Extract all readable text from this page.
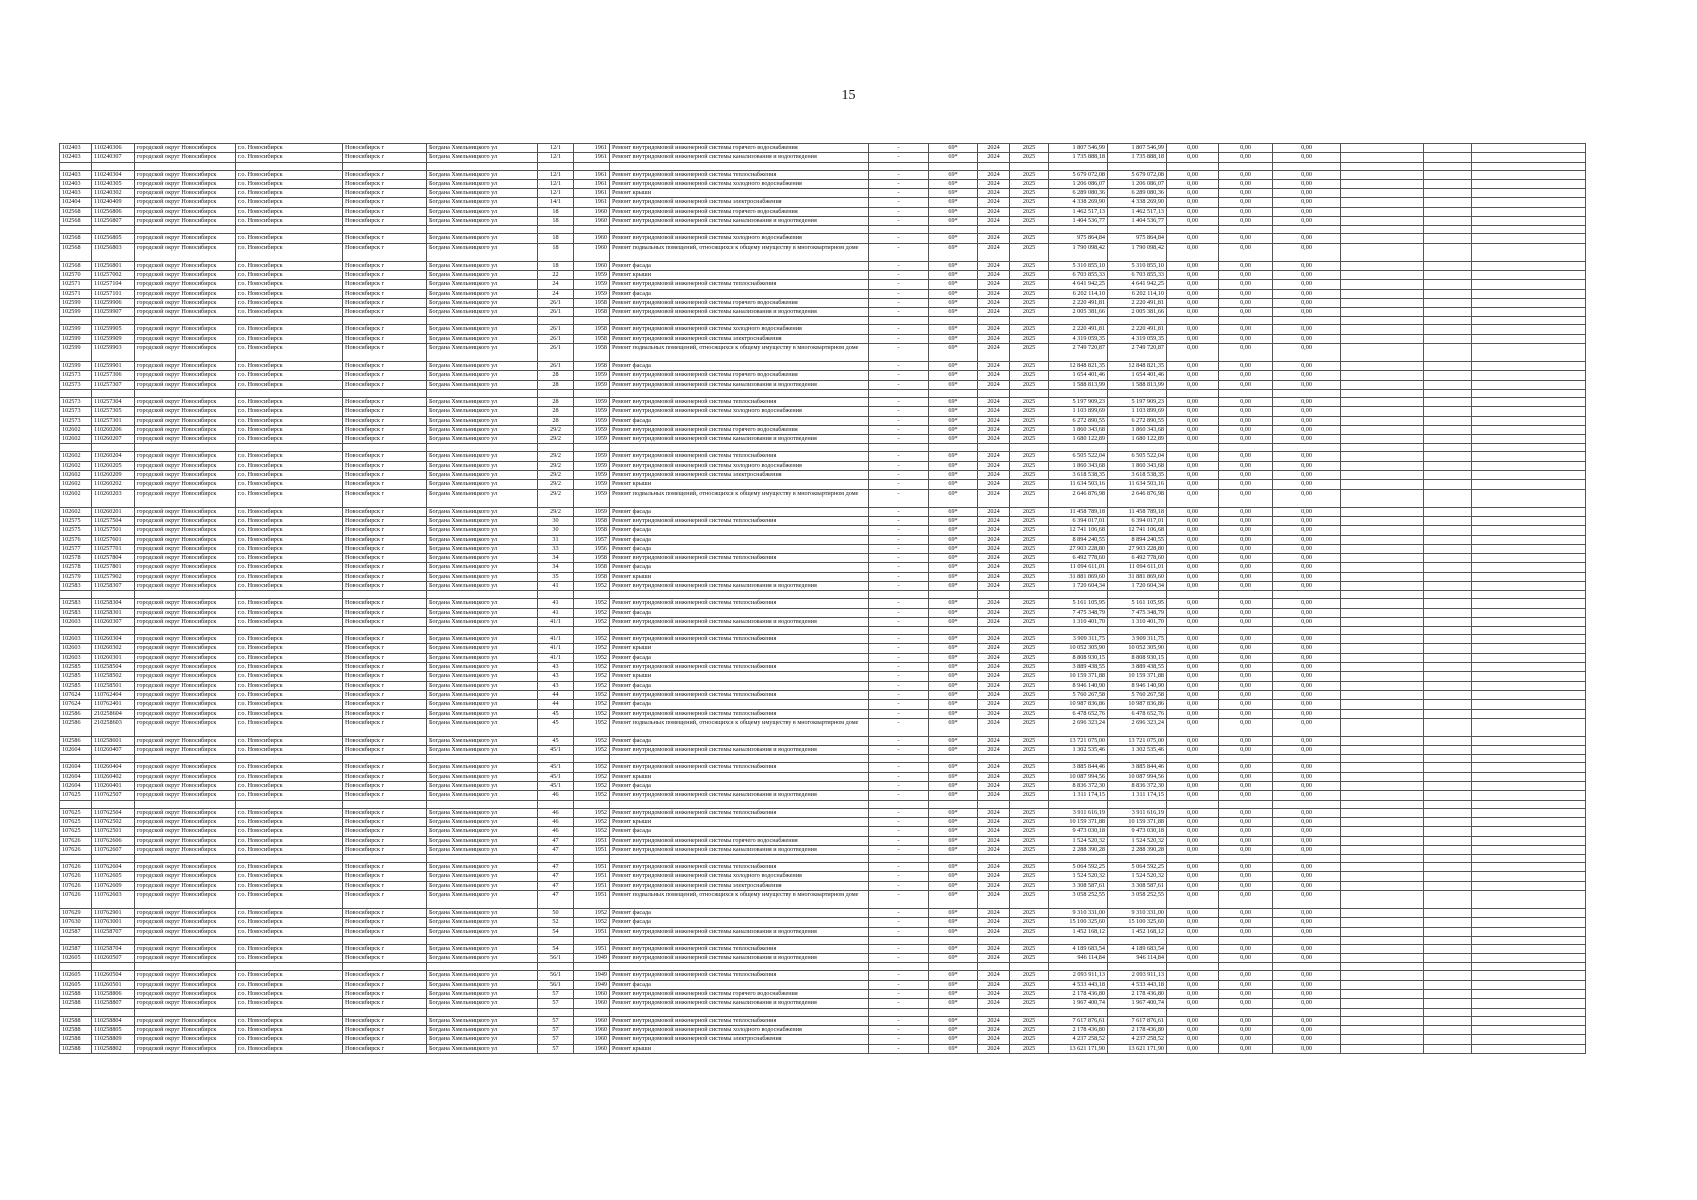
15
102403	110240306	городской округ Новосибирск	г.о. Новосибирск	Новосибирск г	Богдана Хмельницкого ул	12/1	1961	Ремонт внутридомовой инженерной системы горячего водоснабжения	-	69*	2024	2025	1 807 546,99	1 807 546,99	0,00	0,00	0,00			
102403	110240307	городской округ Новосибирск	г.о. Новосибирск	Новосибирск г	Богдана Хмельницкого ул	12/1	1961	Ремонт внутридомовой инженерной системы канализования и водоотведения	-	69*	2024	2025	1 735 888,18	1 735 888,18	0,00	0,00	0,00			

102403	110240304	городской округ Новосибирск	г.о. Новосибирск	Новосибирск г	Богдана Хмельницкого ул	12/1	1961	Ремонт внутридомовой инженерной системы теплоснабжения	-	69*	2024	2025	5 679 072,08	5 679 072,08	0,00	0,00	0,00			
102403	110240305	городской округ Новосибирск	г.о. Новосибирск	Новосибирск г	Богдана Хмельницкого ул	12/1	1961	Ремонт внутридомовой инженерной системы холодного водоснабжения	-	69*	2024	2025	1 206 086,07	1 206 086,07	0,00	0,00	0,00			
102403	110240302	городской округ Новосибирск	г.о. Новосибирск	Новосибирск г	Богдана Хмельницкого ул	12/1	1961	Ремонт крыши	-	69*	2024	2025	6 289 080,36	6 289 080,36	0,00	0,00	0,00			
102404	110240409	городской округ Новосибирск	г.о. Новосибирск	Новосибирск г	Богдана Хмельницкого ул	14/1	1961	Ремонт внутридомовой инженерной системы электроснабжения	-	69*	2024	2025	4 338 269,90	4 338 269,90	0,00	0,00	0,00			
102568	110256806	городской округ Новосибирск	г.о. Новосибирск	Новосибирск г	Богдана Хмельницкого ул	18	1960	Ремонт внутридомовой инженерной системы горячего водоснабжения	-	69*	2024	2025	1 462 517,13	1 462 517,13	0,00	0,00	0,00			
102568	110256807	городской округ Новосибирск	г.о. Новосибирск	Новосибирск г	Богдана Хмельницкого ул	18	1960	Ремонт внутридомовой инженерной системы канализования и водоотведения	-	69*	2024	2025	1 404 536,77	1 404 536,77	0,00	0,00	0,00			

102568	110256805	городской округ Новосибирск	г.о. Новосибирск	Новосибирск г	Богдана Хмельницкого ул	18	1960	Ремонт внутридомовой инженерной системы холодного водоснабжения	-	69*	2024	2025	975 864,84	975 864,84	0,00	0,00	0,00			
102568	110256803	городской округ Новосибирск	г.о. Новосибирск	Новосибирск г	Богдана Хмельницкого ул	18	1960	Ремонт подвальных помещений, относящихся к общему имуществу в многоквартирном доме	-	69*	2024	2025	1 790 098,42	1 790 098,42	0,00	0,00	0,00			
102568	110256801	городской округ Новосибирск	г.о. Новосибирск	Новосибирск г	Богдана Хмельницкого ул	18	1960	Ремонт фасада	-	69*	2024	2025	5 310 855,10	5 310 855,10	0,00	0,00	0,00			
102570	110257002	городской округ Новосибирск	г.о. Новосибирск	Новосибирск г	Богдана Хмельницкого ул	22	1959	Ремонт крыши	-	69*	2024	2025	6 703 855,33	6 703 855,33	0,00	0,00	0,00			
102571	110257104	городской округ Новосибирск	г.о. Новосибирск	Новосибирск г	Богдана Хмельницкого ул	24	1959	Ремонт внутридомовой инженерной системы теплоснабжения	-	69*	2024	2025	4 641 942,25	4 641 942,25	0,00	0,00	0,00			
102571	110257101	городской округ Новосибирск	г.о. Новосибирск	Новосибирск г	Богдана Хмельницкого ул	24	1959	Ремонт фасада	-	69*	2024	2025	6 202 114,10	6 202 114,10	0,00	0,00	0,00			
102599	110259906	городской округ Новосибирск	г.о. Новосибирск	Новосибирск г	Богдана Хмельницкого ул	26/1	1958	Ремонт внутридомовой инженерной системы горячего водоснабжения	-	69*	2024	2025	2 220 491,81	2 220 491,81	0,00	0,00	0,00			
102599	110259907	городской округ Новосибирск	г.о. Новосибирск	Новосибирск г	Богдана Хмельницкого ул	26/1	1958	Ремонт внутридомовой инженерной системы канализования и водоотведения	-	69*	2024	2025	2 005 381,66	2 005 381,66	0,00	0,00	0,00			

102599	110259905	городской округ Новосибирск	г.о. Новосибирск	Новосибирск г	Богдана Хмельницкого ул	26/1	1958	Ремонт внутридомовой инженерной системы холодного водоснабжения	-	69*	2024	2025	2 220 491,81	2 220 491,81	0,00	0,00	0,00			
102599	110259909	городской округ Новосибирск	г.о. Новосибирск	Новосибирск г	Богдана Хмельницкого ул	26/1	1958	Ремонт внутридомовой инженерной системы электроснабжения	-	69*	2024	2025	4 319 059,35	4 319 059,35	0,00	0,00	0,00			
102599	110259903	городской округ Новосибирск	г.о. Новосибирск	Новосибирск г	Богдана Хмельницкого ул	26/1	1958	Ремонт подвальных помещений, относящихся к общему имуществу в многоквартирном доме	-	69*	2024	2025	2 749 720,87	2 749 720,87	0,00	0,00	0,00			
102599	110259901	городской округ Новосибирск	г.о. Новосибирск	Новосибирск г	Богдана Хмельницкого ул	26/1	1958	Ремонт фасада	-	69*	2024	2025	12 848 821,35	12 848 821,35	0,00	0,00	0,00			
102573	110257306	городской округ Новосибирск	г.о. Новосибирск	Новосибирск г	Богдана Хмельницкого ул	28	1959	Ремонт внутридомовой инженерной системы горячего водоснабжения	-	69*	2024	2025	1 654 401,46	1 654 401,46	0,00	0,00	0,00			
102573	110257307	городской округ Новосибирск	г.о. Новосибирск	Новосибирск г	Богдана Хмельницкого ул	28	1959	Ремонт внутридомовой инженерной системы канализования и водоотведения	-	69*	2024	2025	1 588 813,99	1 588 813,99	0,00	0,00	0,00			

102573	110257304	городской округ Новосибирск	г.о. Новосибирск	Новосибирск г	Богдана Хмельницкого ул	28	1959	Ремонт внутридомовой инженерной системы теплоснабжения	-	69*	2024	2025	5 197 909,23	5 197 909,23	0,00	0,00	0,00			
102573	110257305	городской округ Новосибирск	г.о. Новосибирск	Новосибирск г	Богдана Хмельницкого ул	28	1959	Ремонт внутридомовой инженерной системы холодного водоснабжения	-	69*	2024	2025	1 103 899,69	1 103 899,69	0,00	0,00	0,00			
102573	110257301	городской округ Новосибирск	г.о. Новосибирск	Новосибирск г	Богдана Хмельницкого ул	28	1959	Ремонт фасада	-	69*	2024	2025	6 272 890,55	6 272 890,55	0,00	0,00	0,00			
102602	110260206	городской округ Новосибирск	г.о. Новосибирск	Новосибирск г	Богдана Хмельницкого ул	29/2	1959	Ремонт внутридомовой инженерной системы горячего водоснабжения	-	69*	2024	2025	1 860 343,68	1 860 343,68	0,00	0,00	0,00			
102602	110260207	городской округ Новосибирск	г.о. Новосибирск	Новосибирск г	Богдана Хмельницкого ул	29/2	1959	Ремонт внутридомовой инженерной системы канализования и водоотведения	-	69*	2024	2025	1 680 122,89	1 680 122,89	0,00	0,00	0,00			

102602	110260204	городской округ Новосибирск	г.о. Новосибирск	Новосибирск г	Богдана Хмельницкого ул	29/2	1959	Ремонт внутридомовой инженерной системы теплоснабжения	-	69*	2024	2025	6 505 522,04	6 505 522,04	0,00	0,00	0,00			
102602	110260205	городской округ Новосибирск	г.о. Новосибирск	Новосибирск г	Богдана Хмельницкого ул	29/2	1959	Ремонт внутридомовой инженерной системы холодного водоснабжения	-	69*	2024	2025	1 860 343,68	1 860 343,68	0,00	0,00	0,00			
102602	110260209	городской округ Новосибирск	г.о. Новосибирск	Новосибирск г	Богдана Хмельницкого ул	29/2	1959	Ремонт внутридомовой инженерной системы электроснабжения	-	69*	2024	2025	3 618 538,35	3 618 538,35	0,00	0,00	0,00			
102602	110260202	городской округ Новосибирск	г.о. Новосибирск	Новосибирск г	Богдана Хмельницкого ул	29/2	1959	Ремонт крыши	-	69*	2024	2025	11 634 503,16	11 634 503,16	0,00	0,00	0,00			
102602	110260203	городской округ Новосибирск	г.о. Новосибирск	Новосибирск г	Богдана Хмельницкого ул	29/2	1959	Ремонт подвальных помещений, относящихся к общему имуществу в многоквартирном доме	-	69*	2024	2025	2 646 876,98	2 646 876,98	0,00	0,00	0,00			
102602	110260201	городской округ Новосибирск	г.о. Новосибирск	Новосибирск г	Богдана Хмельницкого ул	29/2	1959	Ремонт фасада	-	69*	2024	2025	11 458 789,18	11 458 789,18	0,00	0,00	0,00			
102575	110257504	городской округ Новосибирск	г.о. Новосибирск	Новосибирск г	Богдана Хмельницкого ул	30	1958	Ремонт внутридомовой инженерной системы теплоснабжения	-	69*	2024	2025	6 394 017,01	6 394 017,01	0,00	0,00	0,00			
102575	110257501	городской округ Новосибирск	г.о. Новосибирск	Новосибирск г	Богдана Хмельницкого ул	30	1958	Ремонт фасада	-	69*	2024	2025	12 741 106,68	12 741 106,68	0,00	0,00	0,00			
102576	110257601	городской округ Новосибирск	г.о. Новосибирск	Новосибирск г	Богдана Хмельницкого ул	31	1957	Ремонт фасада	-	69*	2024	2025	8 894 240,55	8 894 240,55	0,00	0,00	0,00			
102577	110257701	городской округ Новосибирск	г.о. Новосибирск	Новосибирск г	Богдана Хмельницкого ул	33	1956	Ремонт фасада	-	69*	2024	2025	27 903 228,80	27 903 228,80	0,00	0,00	0,00			
102578	110257804	городской округ Новосибирск	г.о. Новосибирск	Новосибирск г	Богдана Хмельницкого ул	34	1958	Ремонт внутридомовой инженерной системы теплоснабжения	-	69*	2024	2025	6 492 778,60	6 492 778,60	0,00	0,00	0,00			
102578	110257801	городской округ Новосибирск	г.о. Новосибирск	Новосибирск г	Богдана Хмельницкого ул	34	1958	Ремонт фасада	-	69*	2024	2025	11 094 611,01	11 094 611,01	0,00	0,00	0,00			
102579	110257902	городской округ Новосибирск	г.о. Новосибирск	Новосибирск г	Богдана Хмельницкого ул	35	1958	Ремонт крыши	-	69*	2024	2025	31 881 869,60	31 881 869,60	0,00	0,00	0,00			
102583	110258307	городской округ Новосибирск	г.о. Новосибирск	Новосибирск г	Богдана Хмельницкого ул	41	1952	Ремонт внутридомовой инженерной системы канализования и водоотведения	-	69*	2024	2025	1 720 604,34	1 720 604,34	0,00	0,00	0,00			

102583	110258304	городской округ Новосибирск	г.о. Новосибирск	Новосибирск г	Богдана Хмельницкого ул	41	1952	Ремонт внутридомовой инженерной системы теплоснабжения	-	69*	2024	2025	5 161 105,95	5 161 105,95	0,00	0,00	0,00			
102583	110258301	городской округ Новосибирск	г.о. Новосибирск	Новосибирск г	Богдана Хмельницкого ул	41	1952	Ремонт фасада	-	69*	2024	2025	7 475 348,79	7 475 348,79	0,00	0,00	0,00			
102603	110260307	городской округ Новосибирск	г.о. Новосибирск	Новосибирск г	Богдана Хмельницкого ул	41/1	1952	Ремонт внутридомовой инженерной системы канализования и водоотведения	-	69*	2024	2025	1 310 401,70	1 310 401,70	0,00	0,00	0,00			

102603	110260304	городской округ Новосибирск	г.о. Новосибирск	Новосибирск г	Богдана Хмельницкого ул	41/1	1952	Ремонт внутридомовой инженерной системы теплоснабжения	-	69*	2024	2025	3 909 311,75	3 909 311,75	0,00	0,00	0,00			
102603	110260302	городской округ Новосибирск	г.о. Новосибирск	Новосибирск г	Богдана Хмельницкого ул	41/1	1952	Ремонт крыши	-	69*	2024	2025	10 052 305,90	10 052 305,90	0,00	0,00	0,00			
102603	110260301	городской округ Новосибирск	г.о. Новосибирск	Новосибирск г	Богдана Хмельницкого ул	41/1	1952	Ремонт фасада	-	69*	2024	2025	8 808 930,15	8 808 930,15	0,00	0,00	0,00			
102585	110258504	городской округ Новосибирск	г.о. Новосибирск	Новосибирск г	Богдана Хмельницкого ул	43	1952	Ремонт внутридомовой инженерной системы теплоснабжения	-	69*	2024	2025	3 889 438,55	3 889 438,55	0,00	0,00	0,00			
102585	110258502	городской округ Новосибирск	г.о. Новосибирск	Новосибирск г	Богдана Хмельницкого ул	43	1952	Ремонт крыши	-	69*	2024	2025	10 159 371,88	10 159 371,88	0,00	0,00	0,00			
102585	110258501	городской округ Новосибирск	г.о. Новосибирск	Новосибирск г	Богдана Хмельницкого ул	43	1952	Ремонт фасада	-	69*	2024	2025	8 946 140,90	8 946 140,90	0,00	0,00	0,00			
107624	110762404	городской округ Новосибирск	г.о. Новосибирск	Новосибирск г	Богдана Хмельницкого ул	44	1952	Ремонт внутридомовой инженерной системы теплоснабжения	-	69*	2024	2025	5 760 267,58	5 760 267,58	0,00	0,00	0,00			
107624	110762401	городской округ Новосибирск	г.о. Новосибирск	Новосибирск г	Богдана Хмельницкого ул	44	1952	Ремонт фасада	-	69*	2024	2025	10 987 836,86	10 987 836,86	0,00	0,00	0,00			
102586	210258604	городской округ Новосибирск	г.о. Новосибирск	Новосибирск г	Богдана Хмельницкого ул	45	1952	Ремонт внутридомовой инженерной системы теплоснабжения	-	69*	2024	2025	6 478 652,76	6 478 652,76	0,00	0,00	0,00			
102586	210258603	городской округ Новосибирск	г.о. Новосибирск	Новосибирск г	Богдана Хмельницкого ул	45	1952	Ремонт подвальных помещений, относящихся к общему имуществу в многоквартирном доме	-	69*	2024	2025	2 696 323,24	2 696 323,24	0,00	0,00	0,00			
102586	110258601	городской округ Новосибирск	г.о. Новосибирск	Новосибирск г	Богдана Хмельницкого ул	45	1952	Ремонт фасада	-	69*	2024	2025	13 721 075,00	13 721 075,00	0,00	0,00	0,00			
102604	110260407	городской округ Новосибирск	г.о. Новосибирск	Новосибирск г	Богдана Хмельницкого ул	45/1	1952	Ремонт внутридомовой инженерной системы канализования и водоотведения	-	69*	2024	2025	1 302 535,46	1 302 535,46	0,00	0,00	0,00			

102604	110260404	городской округ Новосибирск	г.о. Новосибирск	Новосибирск г	Богдана Хмельницкого ул	45/1	1952	Ремонт внутридомовой инженерной системы теплоснабжения	-	69*	2024	2025	3 885 844,46	3 885 844,46	0,00	0,00	0,00			
102604	110260402	городской округ Новосибирск	г.о. Новосибирск	Новосибирск г	Богдана Хмельницкого ул	45/1	1952	Ремонт крыши	-	69*	2024	2025	10 087 994,56	10 087 994,56	0,00	0,00	0,00			
102604	110260401	городской округ Новосибирск	г.о. Новосибирск	Новосибирск г	Богдана Хмельницкого ул	45/1	1952	Ремонт фасада	-	69*	2024	2025	8 836 372,30	8 836 372,30	0,00	0,00	0,00			
107625	110762507	городской округ Новосибирск	г.о. Новосибирск	Новосибирск г	Богдана Хмельницкого ул	46	1952	Ремонт внутридомовой инженерной системы канализования и водоотведения	-	69*	2024	2025	1 311 174,15	1 311 174,15	0,00	0,00	0,00			

107625	110762504	городской округ Новосибирск	г.о. Новосибирск	Новосибирск г	Богдана Хмельницкого ул	46	1952	Ремонт внутридомовой инженерной системы теплоснабжения	-	69*	2024	2025	3 911 616,19	3 911 616,19	0,00	0,00	0,00			
107625	110762502	городской округ Новосибирск	г.о. Новосибирск	Новосибирск г	Богдана Хмельницкого ул	46	1952	Ремонт крыши	-	69*	2024	2025	10 159 371,88	10 159 371,88	0,00	0,00	0,00			
107625	110762501	городской округ Новосибирск	г.о. Новосибирск	Новосибирск г	Богдана Хмельницкого ул	46	1952	Ремонт фасада	-	69*	2024	2025	9 473 030,18	9 473 030,18	0,00	0,00	0,00			
107626	110762606	городской округ Новосибирск	г.о. Новосибирск	Новосибирск г	Богдана Хмельницкого ул	47	1951	Ремонт внутридомовой инженерной системы горячего водоснабжения	-	69*	2024	2025	1 524 520,32	1 524 520,32	0,00	0,00	0,00			
107626	110762607	городской округ Новосибирск	г.о. Новосибирск	Новосибирск г	Богдана Хмельницкого ул	47	1951	Ремонт внутридомовой инженерной системы канализования и водоотведения	-	69*	2024	2025	2 288 390,28	2 288 390,28	0,00	0,00	0,00			

107626	110762604	городской округ Новосибирск	г.о. Новосибирск	Новосибирск г	Богдана Хмельницкого ул	47	1951	Ремонт внутридомовой инженерной системы теплоснабжения	-	69*	2024	2025	5 064 592,25	5 064 592,25	0,00	0,00	0,00			
107626	110762605	городской округ Новосибирск	г.о. Новосибирск	Новосибирск г	Богдана Хмельницкого ул	47	1951	Ремонт внутридомовой инженерной системы холодного водоснабжения	-	69*	2024	2025	1 524 520,32	1 524 520,32	0,00	0,00	0,00			
107626	110762609	городской округ Новосибирск	г.о. Новосибирск	Новосибирск г	Богдана Хмельницкого ул	47	1951	Ремонт внутридомовой инженерной системы электроснабжения	-	69*	2024	2025	3 308 587,61	3 308 587,61	0,00	0,00	0,00			
107626	110762603	городской округ Новосибирск	г.о. Новосибирск	Новосибирск г	Богдана Хмельницкого ул	47	1951	Ремонт подвальных помещений, относящихся к общему имуществу в многоквартирном доме	-	69*	2024	2025	3 058 252,55	3 058 252,55	0,00	0,00	0,00			
107629	110762901	городской округ Новосибирск	г.о. Новосибирск	Новосибирск г	Богдана Хмельницкого ул	50	1952	Ремонт фасада	-	69*	2024	2025	9 310 331,00	9 310 331,00	0,00	0,00	0,00			
107630	110763001	городской округ Новосибирск	г.о. Новосибирск	Новосибирск г	Богдана Хмельницкого ул	52	1952	Ремонт фасада	-	69*	2024	2025	15 100 325,60	15 100 325,60	0,00	0,00	0,00			
102587	110258707	городской округ Новосибирск	г.о. Новосибирск	Новосибирск г	Богдана Хмельницкого ул	54	1951	Ремонт внутридомовой инженерной системы канализования и водоотведения	-	69*	2024	2025	1 452 168,12	1 452 168,12	0,00	0,00	0,00			

102587	110258704	городской округ Новосибирск	г.о. Новосибирск	Новосибирск г	Богдана Хмельницкого ул	54	1951	Ремонт внутридомовой инженерной системы теплоснабжения	-	69*	2024	2025	4 189 683,54	4 189 683,54	0,00	0,00	0,00			
102605	110260507	городской округ Новосибирск	г.о. Новосибирск	Новосибирск г	Богдана Хмельницкого ул	56/1	1949	Ремонт внутридомовой инженерной системы канализования и водоотведения	-	69*	2024	2025	946 114,84	946 114,84	0,00	0,00	0,00			

102605	110260504	городской округ Новосибирск	г.о. Новосибирск	Новосибирск г	Богдана Хмельницкого ул	56/1	1949	Ремонт внутридомовой инженерной системы теплоснабжения	-	69*	2024	2025	2 093 911,13	2 093 911,13	0,00	0,00	0,00			
102605	110260501	городской округ Новосибирск	г.о. Новосибирск	Новосибирск г	Богдана Хмельницкого ул	56/1	1949	Ремонт фасада	-	69*	2024	2025	4 533 443,18	4 533 443,18	0,00	0,00	0,00			
102588	110258806	городской округ Новосибирск	г.о. Новосибирск	Новосибирск г	Богдана Хмельницкого ул	57	1960	Ремонт внутридомовой инженерной системы горячего водоснабжения	-	69*	2024	2025	2 178 436,80	2 178 436,80	0,00	0,00	0,00			
102588	110258807	городской округ Новосибирск	г.о. Новосибирск	Новосибирск г	Богдана Хмельницкого ул	57	1960	Ремонт внутридомовой инженерной системы канализования и водоотведения	-	69*	2024	2025	1 967 400,74	1 967 400,74	0,00	0,00	0,00			

102588	110258804	городской округ Новосибирск	г.о. Новосибирск	Новосибирск г	Богдана Хмельницкого ул	57	1960	Ремонт внутридомовой инженерной системы теплоснабжения	-	69*	2024	2025	7 617 876,61	7 617 876,61	0,00	0,00	0,00			
102588	110258805	городской округ Новосибирск	г.о. Новосибирск	Новосибирск г	Богдана Хмельницкого ул	57	1960	Ремонт внутридомовой инженерной системы холодного водоснабжения	-	69*	2024	2025	2 178 436,80	2 178 436,80	0,00	0,00	0,00			
102588	110258809	городской округ Новосибирск	г.о. Новосибирск	Новосибирск г	Богдана Хмельницкого ул	57	1960	Ремонт внутридомовой инженерной системы электроснабжения	-	69*	2024	2025	4 237 258,52	4 237 258,52	0,00	0,00	0,00			
102588	110258802	городской округ Новосибирск	г.о. Новосибирск	Новосибирск г	Богдана Хмельницкого ул	57	1960	Ремонт крыши	-	69*	2024	2025	13 621 171,90	13 621 171,90	0,00	0,00	0,00			
